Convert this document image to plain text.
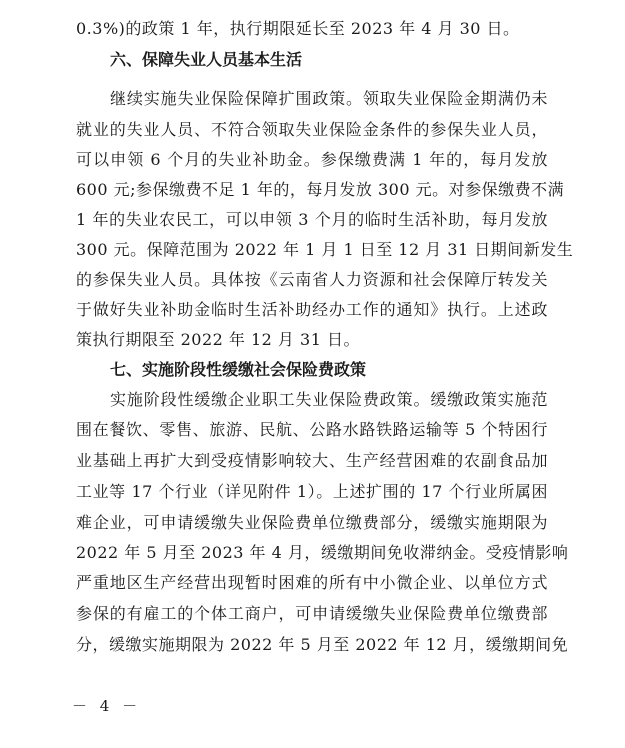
0.3%)的政策 1 年，执行期限延长至 2023 年 4 月 30 日。
六、保障失业人员基本生活
继续实施失业保险保障扩围政策。领取失业保险金期满仍未
就业的失业人员、不符合领取失业保险金条件的参保失业人员，
可以申领 6 个月的失业补助金。参保缴费满 1 年的，每月发放
600 元;参保缴费不足 1 年的，每月发放 300 元。对参保缴费不满
1 年的失业农民工，可以申领 3 个月的临时生活补助，每月发放
300 元。保障范围为 2022 年 1 月 1 日至 12 月 31 日期间新发生
的参保失业人员。具体按《云南省人力资源和社会保障厅转发关
于做好失业补助金临时生活补助经办工作的通知》执行。上述政
策执行期限至 2022 年 12 月 31 日。
七、实施阶段性缓缴社会保险费政策
实施阶段性缓缴企业职工失业保险费政策。缓缴政策实施范
围在餐饮、零售、旅游、民航、公路水路铁路运输等 5 个特困行
业基础上再扩大到受疫情影响较大、生产经营困难的农副食品加
工业等 17 个行业（详见附件 1）。上述扩围的 17 个行业所属困
难企业，可申请缓缴失业保险费单位缴费部分，缓缴实施期限为
2022 年 5 月至 2023 年 4 月，缓缴期间免收滞纳金。受疫情影响
严重地区生产经营出现暂时困难的所有中小微企业、以单位方式
参保的有雇工的个体工商户，可申请缓缴失业保险费单位缴费部
分，缓缴实施期限为 2022 年 5 月至 2022 年 12 月，缓缴期间免
－ 4 －
